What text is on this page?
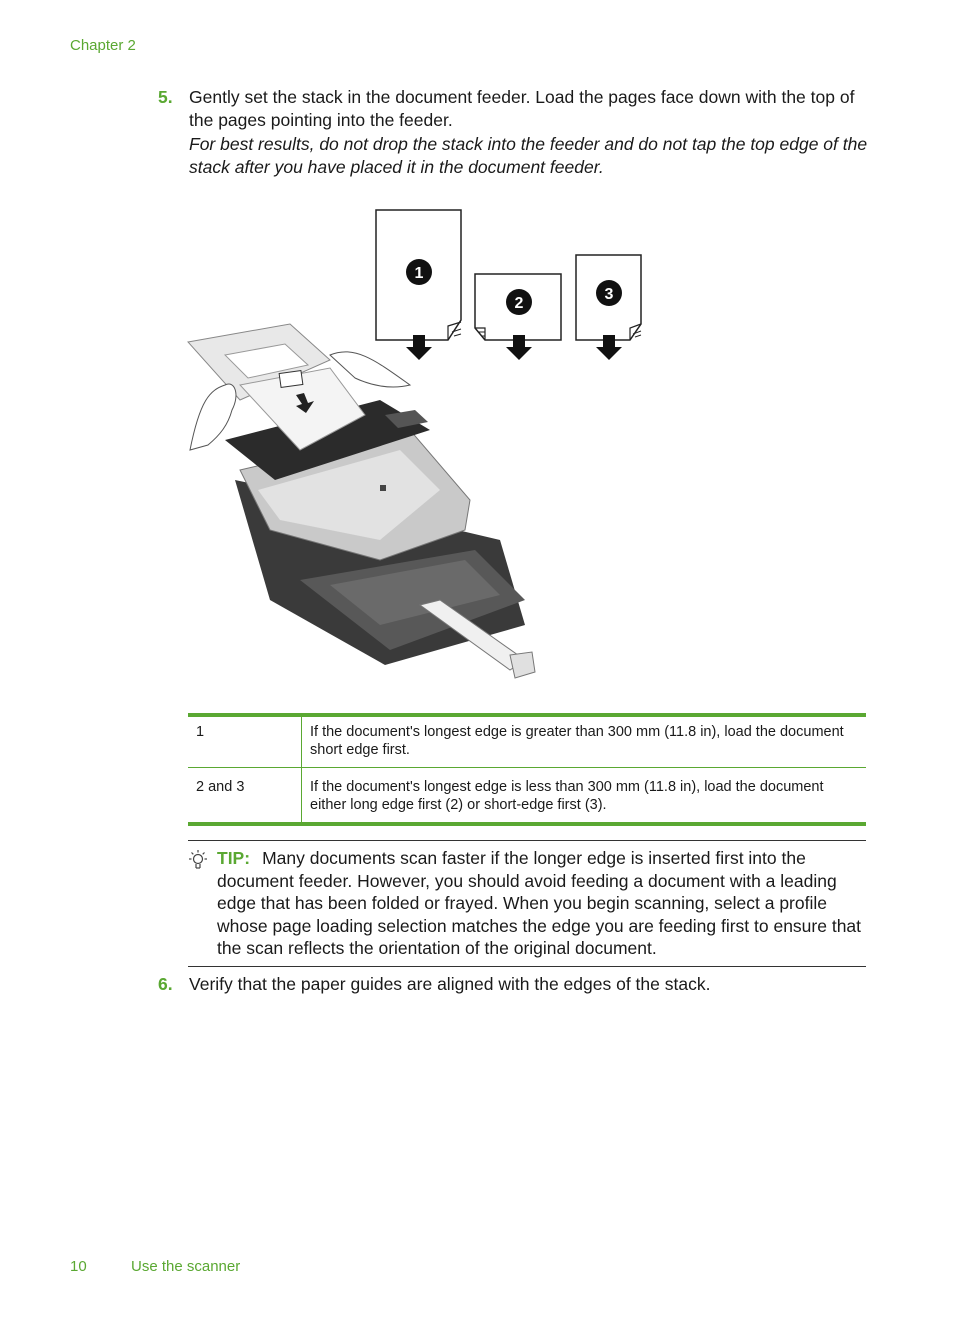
Chapter 2
5. Gently set the stack in the document feeder. Load the pages face down with the top of the pages pointing into the feeder.
For best results, do not drop the stack into the feeder and do not tap the top edge of the stack after you have placed it in the document feeder.
1
2
3
1	If the document's longest edge is greater than 300 mm (11.8 in), load the document short edge first.
2 and 3	If the document's longest edge is less than 300 mm (11.8 in), load the document either long edge first (2) or short-edge first (3).
TIP: Many documents scan faster if the longer edge is inserted first into the document feeder. However, you should avoid feeding a document with a leading edge that has been folded or frayed. When you begin scanning, select a profile whose page loading selection matches the edge you are feeding first to ensure that the scan reflects the orientation of the original document.
6. Verify that the paper guides are aligned with the edges of the stack.
10	Use the scanner
